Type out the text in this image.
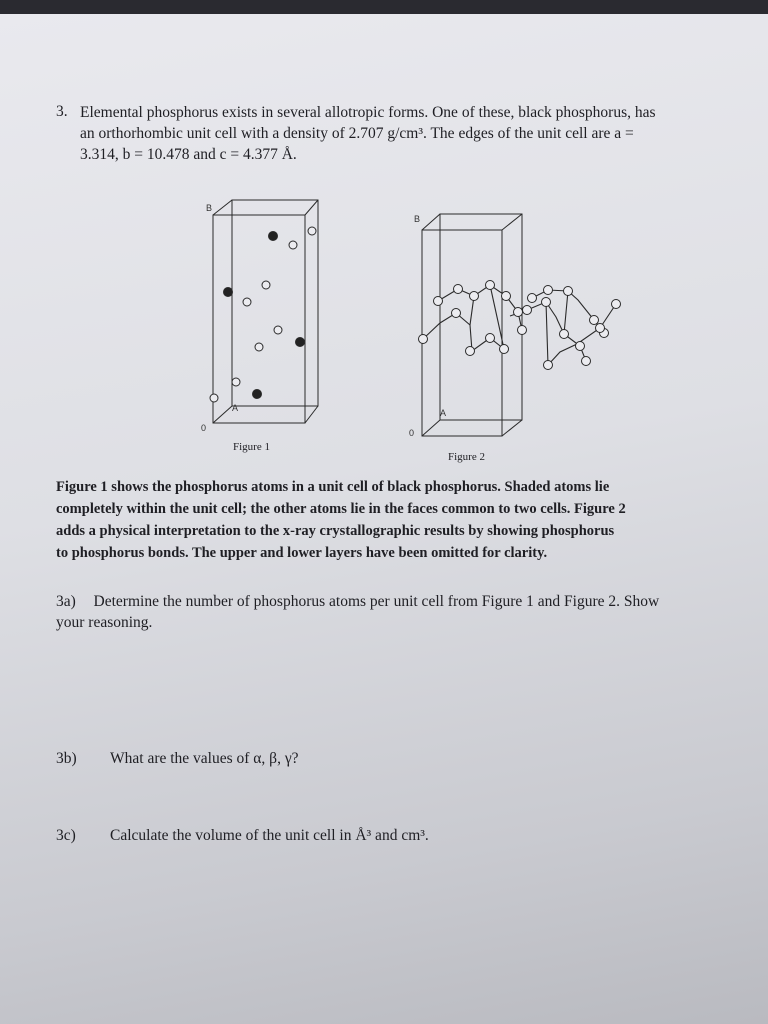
3. Elemental phosphorus exists in several allotropic forms. One of these, black phosphorus, has

an orthorhombic unit cell with a density of 2.707 g/cm³. The edges of the unit cell are a =

3.314, b = 10.478 and c = 4.377 Å.

B
A
0
B
A
0
Figure 1
Figure 2

Figure 1 shows the phosphorus atoms in a unit cell of black phosphorus. Shaded atoms lie

completely within the unit cell; the other atoms lie in the faces common to two cells. Figure 2

adds a physical interpretation to the x-ray crystallographic results by showing phosphorus

to phosphorus bonds. The upper and lower layers have been omitted for clarity.

3a) Determine the number of phosphorus atoms per unit cell from Figure 1 and Figure 2. Show
your reasoning.
3b) What are the values of α, β, γ?
3c) Calculate the volume of the unit cell in Å³ and cm³.
